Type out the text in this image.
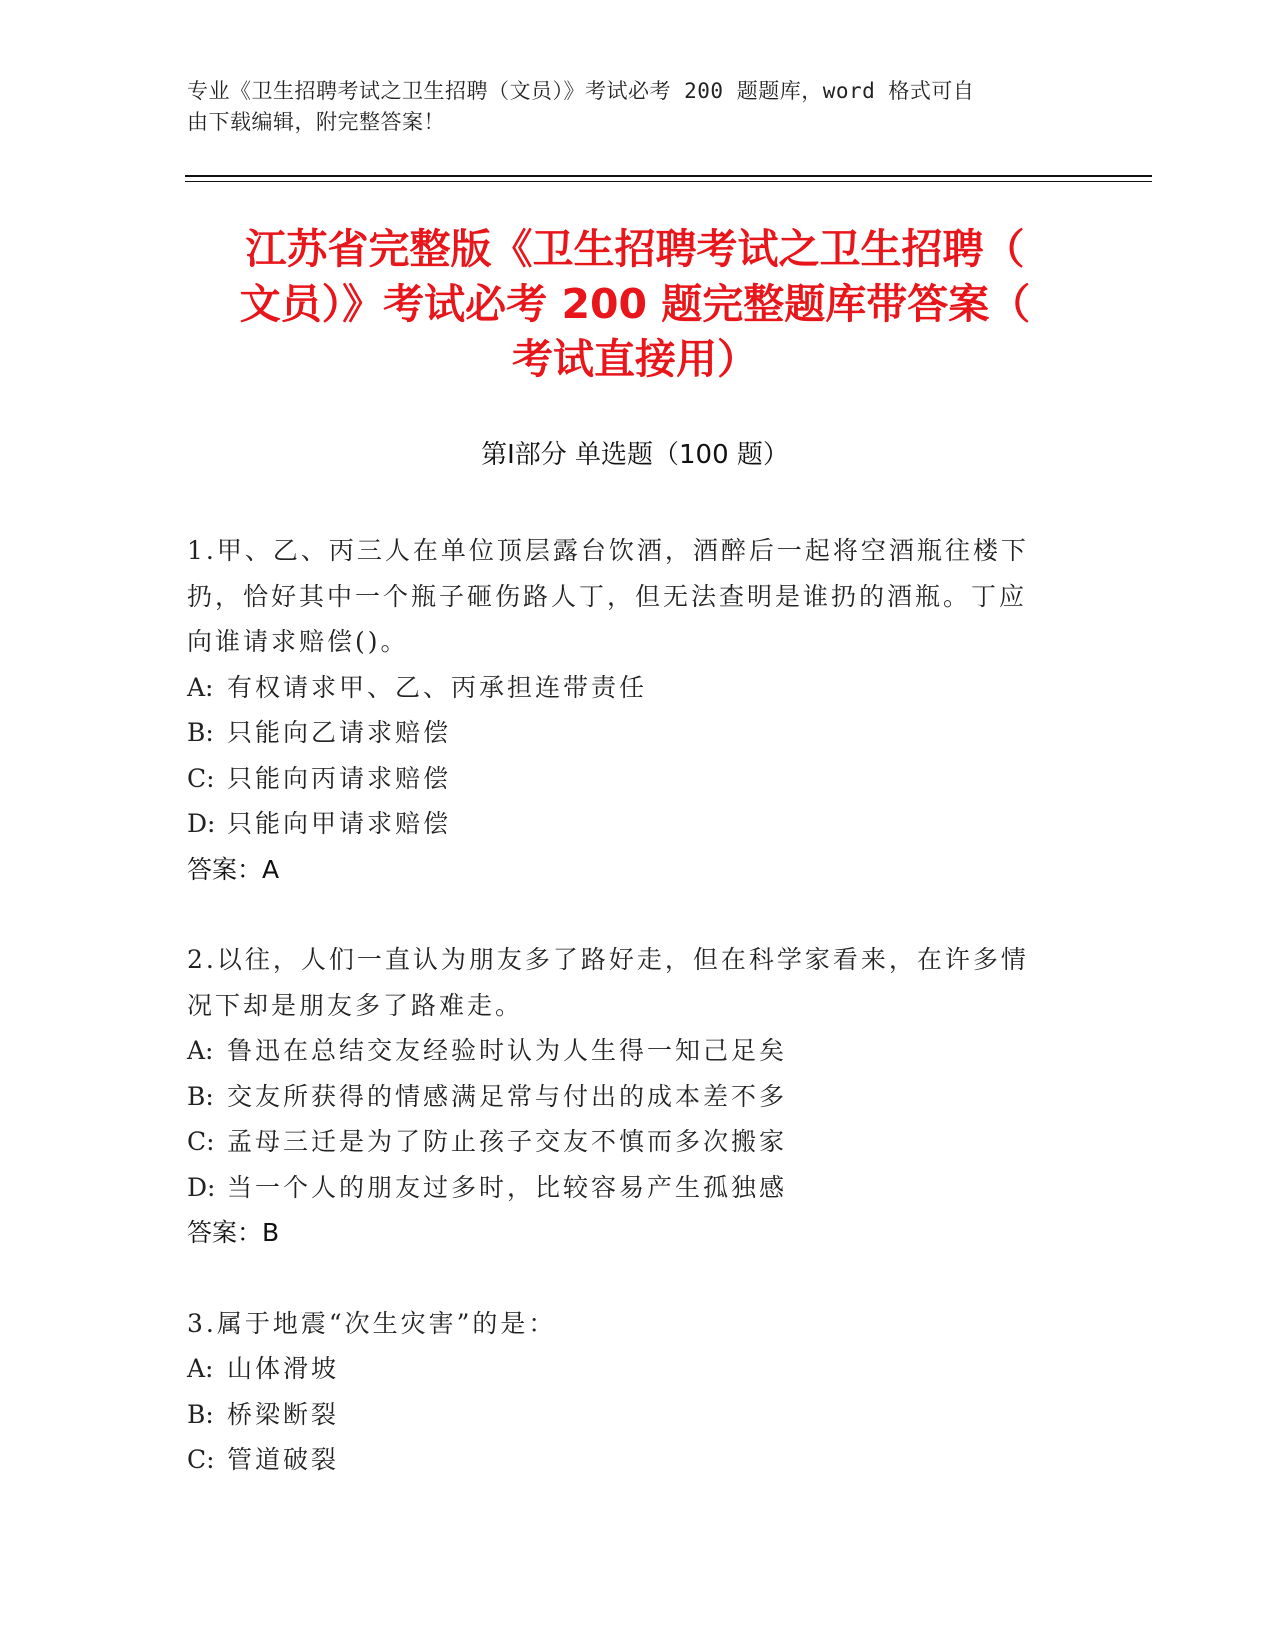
专业《卫生招聘考试之卫生招聘（文员）》考试必考 200 题题库，word 格式可自
由下载编辑，附完整答案！
江苏省完整版《卫生招聘考试之卫生招聘（
文员）》考试必考 200 题完整题库带答案（
考试直接用）
第Ⅰ部分 单选题（100 题）

1.甲、乙、丙三人在单位顶层露台饮酒，酒醉后一起将空酒瓶往楼下

扔，恰好其中一个瓶子砸伤路人丁，但无法查明是谁扔的酒瓶。丁应

向谁请求赔偿()。

A: 有权请求甲、乙、丙承担连带责任

B: 只能向乙请求赔偿

C: 只能向丙请求赔偿

D: 只能向甲请求赔偿

答案：A

2.以往，人们一直认为朋友多了路好走，但在科学家看来，在许多情

况下却是朋友多了路难走。

A: 鲁迅在总结交友经验时认为人生得一知己足矣

B: 交友所获得的情感满足常与付出的成本差不多

C: 孟母三迁是为了防止孩子交友不慎而多次搬家

D: 当一个人的朋友过多时，比较容易产生孤独感

答案：B

3.属于地震“次生灾害”的是：

A: 山体滑坡

B: 桥梁断裂

C: 管道破裂
